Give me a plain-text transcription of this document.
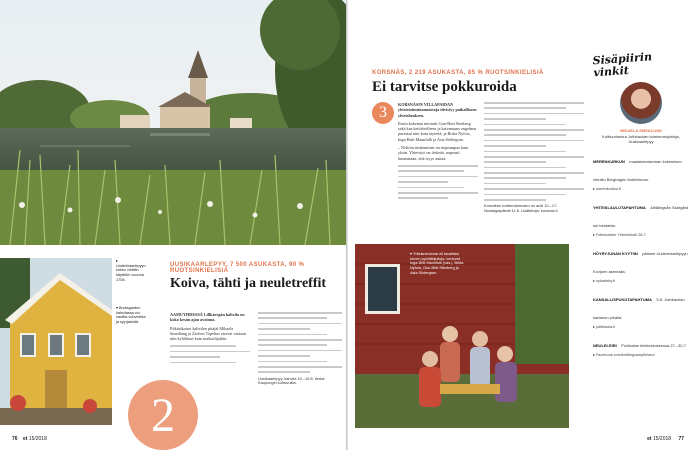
▸ Uudenkaarlepyyn kirkko vihittiin käyttöön vuonna 1708.
▾ Bruksgarden kahvilassa voi nauttia vohveleita ja syyrjaleiää.
UUSIKAARLEPYY, 7 500 ASUKASTA, 90 % RUOTSINKIELISIÄ
Koiva, tähti ja neuletreffit
AAMUYHDESSÄ Lillkärrgän kahvila on koko kesän ajan avoinna.
Pitkäaikaiset kahvilan pitäjät Mikaela Smedlung ja Zachris Topelius ottavat vastaan niin kyläläiset kuin matkailijatkin.
Uusikaarlepyy, kahvila 10.–19.8. tiedot: Kaupungin kotisivuilta.
2
76 et 15/2018
KORSNÄS, 2 219 ASUKASTA, 85 % RUOTSINKIELISIÄ
Ei tarvitse pokkuroida
3	KORSNÄSIN VILLAPAIDAN yhteistoimintamuistoja tiivistyy paikalliseen yhteishenkeen.
Ensin kokemat mestarit Gun-Britt Stenberg sekä kaa keittiörelheen ja kaivamaan ongelmat pureutui niin kuin täytettä, ja Britta Nyfors, Inga-Britt Mannfolk ja Asta Södergran.
– Neliöin neulominen on nopeampaa kuin yksin. Yhteistyö on tärkeää, nopeasti huomataan, että isyys auttaa.
Korsnäsin kotiseutumuseo on auki 10.–17. Nostalgiapäivät 11.8. Lisätietoja: korsnas.fi
▾ Yhteisneulonta oli tavallista ennen pyörilleijuiloja, kertovat Inga-Britt Mannfolk (vas.), Britta Nyfors, Gun-Britt Stenberg ja Asta Södergran.
Sisäpiirin vinkit
MIKAELA SMEDLUND
Kulttuuriseura Juthbackan toiminnanjohtaja, Uusikaarlepyy
MERENKURKUN maalaismaiseman kokemisen vierailu Berghagen kivikirkkoon.
▸ merenkurkku.fi
YHTEISLAULUTAPAHTUMA Alhålingsån Skärgård soi torstaisin.
▸ Folkmusiker Yhteisöristö 28.7.
HÖYRYJUNAN KYYTIIN pääsee Uudenkaarlepyyn Kovjoen asemalla.
▸ nykarleby.fi
KANSALLISPUKUTAPAHTUMA 5.8. Juthbackan kartanon pihalla.
▸ juthbacka.fi
NEULELEIRI Porkkalan leirikeskuksessa 27.–30.7.
▸ Facebook.com/knittingcampfinland
et 15/2018 77
